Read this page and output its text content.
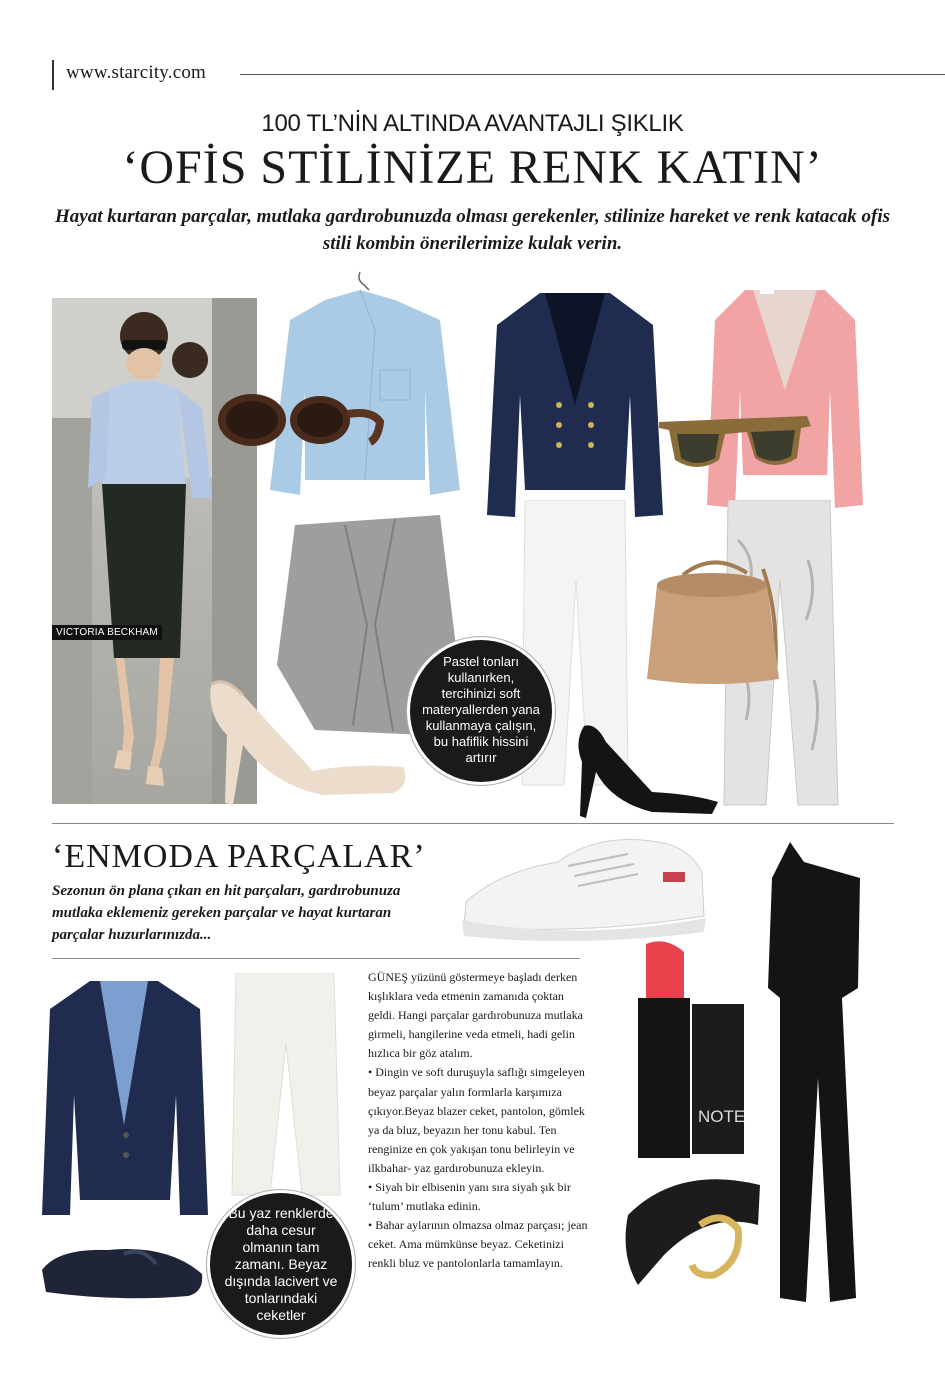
www.starcity.com
100 TL’NİN ALTINDA AVANTAJLI ŞIKLIK
‘OFİS STİLİNİZE RENK KATIN’
Hayat kurtaran parçalar, mutlaka gardırobunuzda olması gerekenler, stilinize hareket ve renk katacak ofis stili kombin önerilerimize kulak verin.
VICTORIA BECKHAM
Pastel tonları kullanırken, tercihinizi soft materyallerden yana kullanmaya çalışın, bu hafiflik hissini artırır
‘ENMODA PARÇALAR’
Sezonun ön plana çıkan en hit parçaları, gardırobunuza mutlaka eklemeniz gereken parçalar ve hayat kurtaran parçalar huzurlarınızda...
NOTE
Bu yaz renklerde daha cesur olmanın tam zamanı. Beyaz dışında lacivert ve tonlarındaki ceketler

GÜNEŞ yüzünü göstermeye başladı derken kışlıklara veda etmenin zamanıda çoktan geldi. Hangi parçalar gardırobunuza mutlaka girmeli, hangilerine veda etmeli, hadi gelin hızlıca bir göz atalım.

• Dingin ve soft duruşuyla saflığı simgeleyen beyaz parçalar yalın formlarla karşımıza çıkıyor.Beyaz blazer ceket, pantolon, gömlek ya da bluz, beyazın her tonu kabul. Ten renginize en çok yakışan tonu belirleyin ve ilkbahar- yaz gardırobunuza ekleyin.

• Siyah bir elbisenin yanı sıra siyah şık bir ‘tulum’ mutlaka edinin.

• Bahar aylarının olmazsa olmaz parçası; jean ceket. Ama mümkünse beyaz. Ceketinizi renkli bluz ve pantolonlarla tamamlayın.
